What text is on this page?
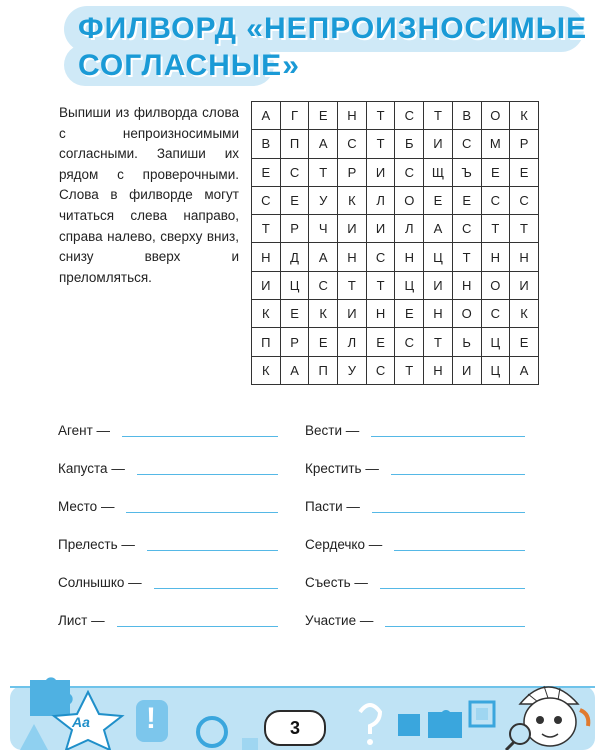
ФИЛВОРД «НЕПРОИЗНОСИМЫЕ
СОГЛАСНЫЕ»
Выпиши из филворда слова с непроизносимыми согласными. Запиши их рядом с проверочными. Слова в филворде могут читаться слева направо, справа налево, сверху вниз, снизу вверх и преломляться.
А	Г	Е	Н	Т	С	Т	В	О	К
В	П	А	С	Т	Б	И	С	М	Р
Е	С	Т	Р	И	С	Щ	Ъ	Е	Е
С	Е	У	К	Л	О	Е	Е	С	С
Т	Р	Ч	И	И	Л	А	С	Т	Т
Н	Д	А	Н	С	Н	Ц	Т	Н	Н
И	Ц	С	Т	Т	Ц	И	Н	О	И
К	Е	К	И	Н	Е	Н	О	С	К
П	Р	Е	Л	Е	С	Т	Ь	Ц	Е
К	А	П	У	С	Т	Н	И	Ц	А
Агент —
Капуста —
Место —
Прелесть —
Солнышко —
Лист —
Вести —
Крестить —
Пасти —
Сердечко —
Съесть —
Участие —
Aa !	3
